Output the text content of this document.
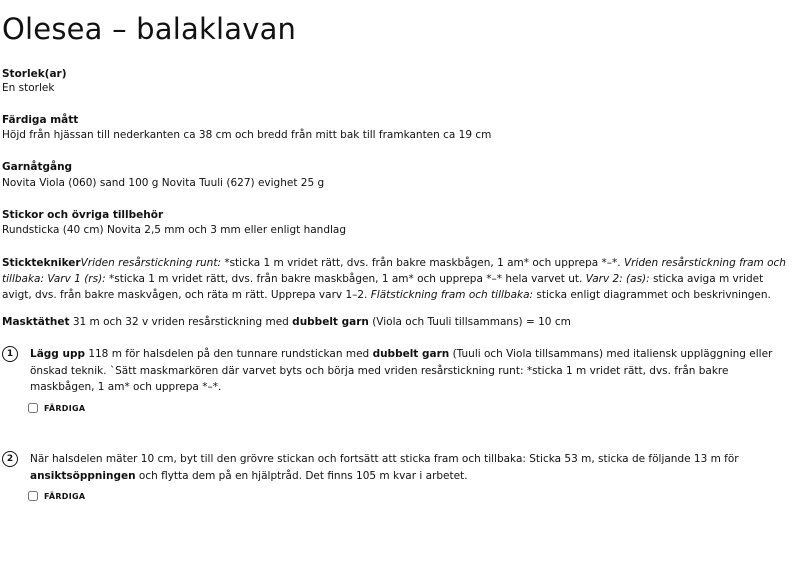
Olesea – balaklavan
Storlek(ar)
En storlek
Färdiga mått
Höjd från hjässan till nederkanten ca 38 cm och bredd från mitt bak till framkanten ca 19 cm
Garnåtgång
Novita Viola (060) sand 100 g Novita Tuuli (627) evighet 25 g
Stickor och övriga tillbehör
Rundsticka (40 cm) Novita 2,5 mm och 3 mm eller enligt handlag
StickteknikerVriden resårstickning runt: *sticka 1 m vridet rätt, dvs. från bakre maskbågen, 1 am* och upprepa *–*. Vriden resårstickning fram och tillbaka: Varv 1 (rs): *sticka 1 m vridet rätt, dvs. från bakre maskbågen, 1 am* och upprepa *–* hela varvet ut. Varv 2: (as): sticka aviga m vridet avigt, dvs. från bakre maskvågen, och räta m rätt. Upprepa varv 1–2. Flätstickning fram och tillbaka: sticka enligt diagrammet och beskrivningen.
Masktäthet 31 m och 32 v vriden resårstickning med dubbelt garn (Viola och Tuuli tillsammans) = 10 cm
1	Lägg upp 118 m för halsdelen på den tunnare rundstickan med dubbelt garn (Tuuli och Viola tillsammans) med italiensk uppläggning eller önskad teknik. `Sätt maskmarkören där varvet byts och börja med vriden resårstickning runt: *sticka 1 m vridet rätt, dvs. från bakre maskbågen, 1 am* och upprepa *–*.
FÄRDIGA
2	När halsdelen mäter 10 cm, byt till den grövre stickan och fortsätt att sticka fram och tillbaka: Sticka 53 m, sticka de följande 13 m för ansiktsöppningen och flytta dem på en hjälptråd. Det finns 105 m kvar i arbetet.
FÄRDIGA
